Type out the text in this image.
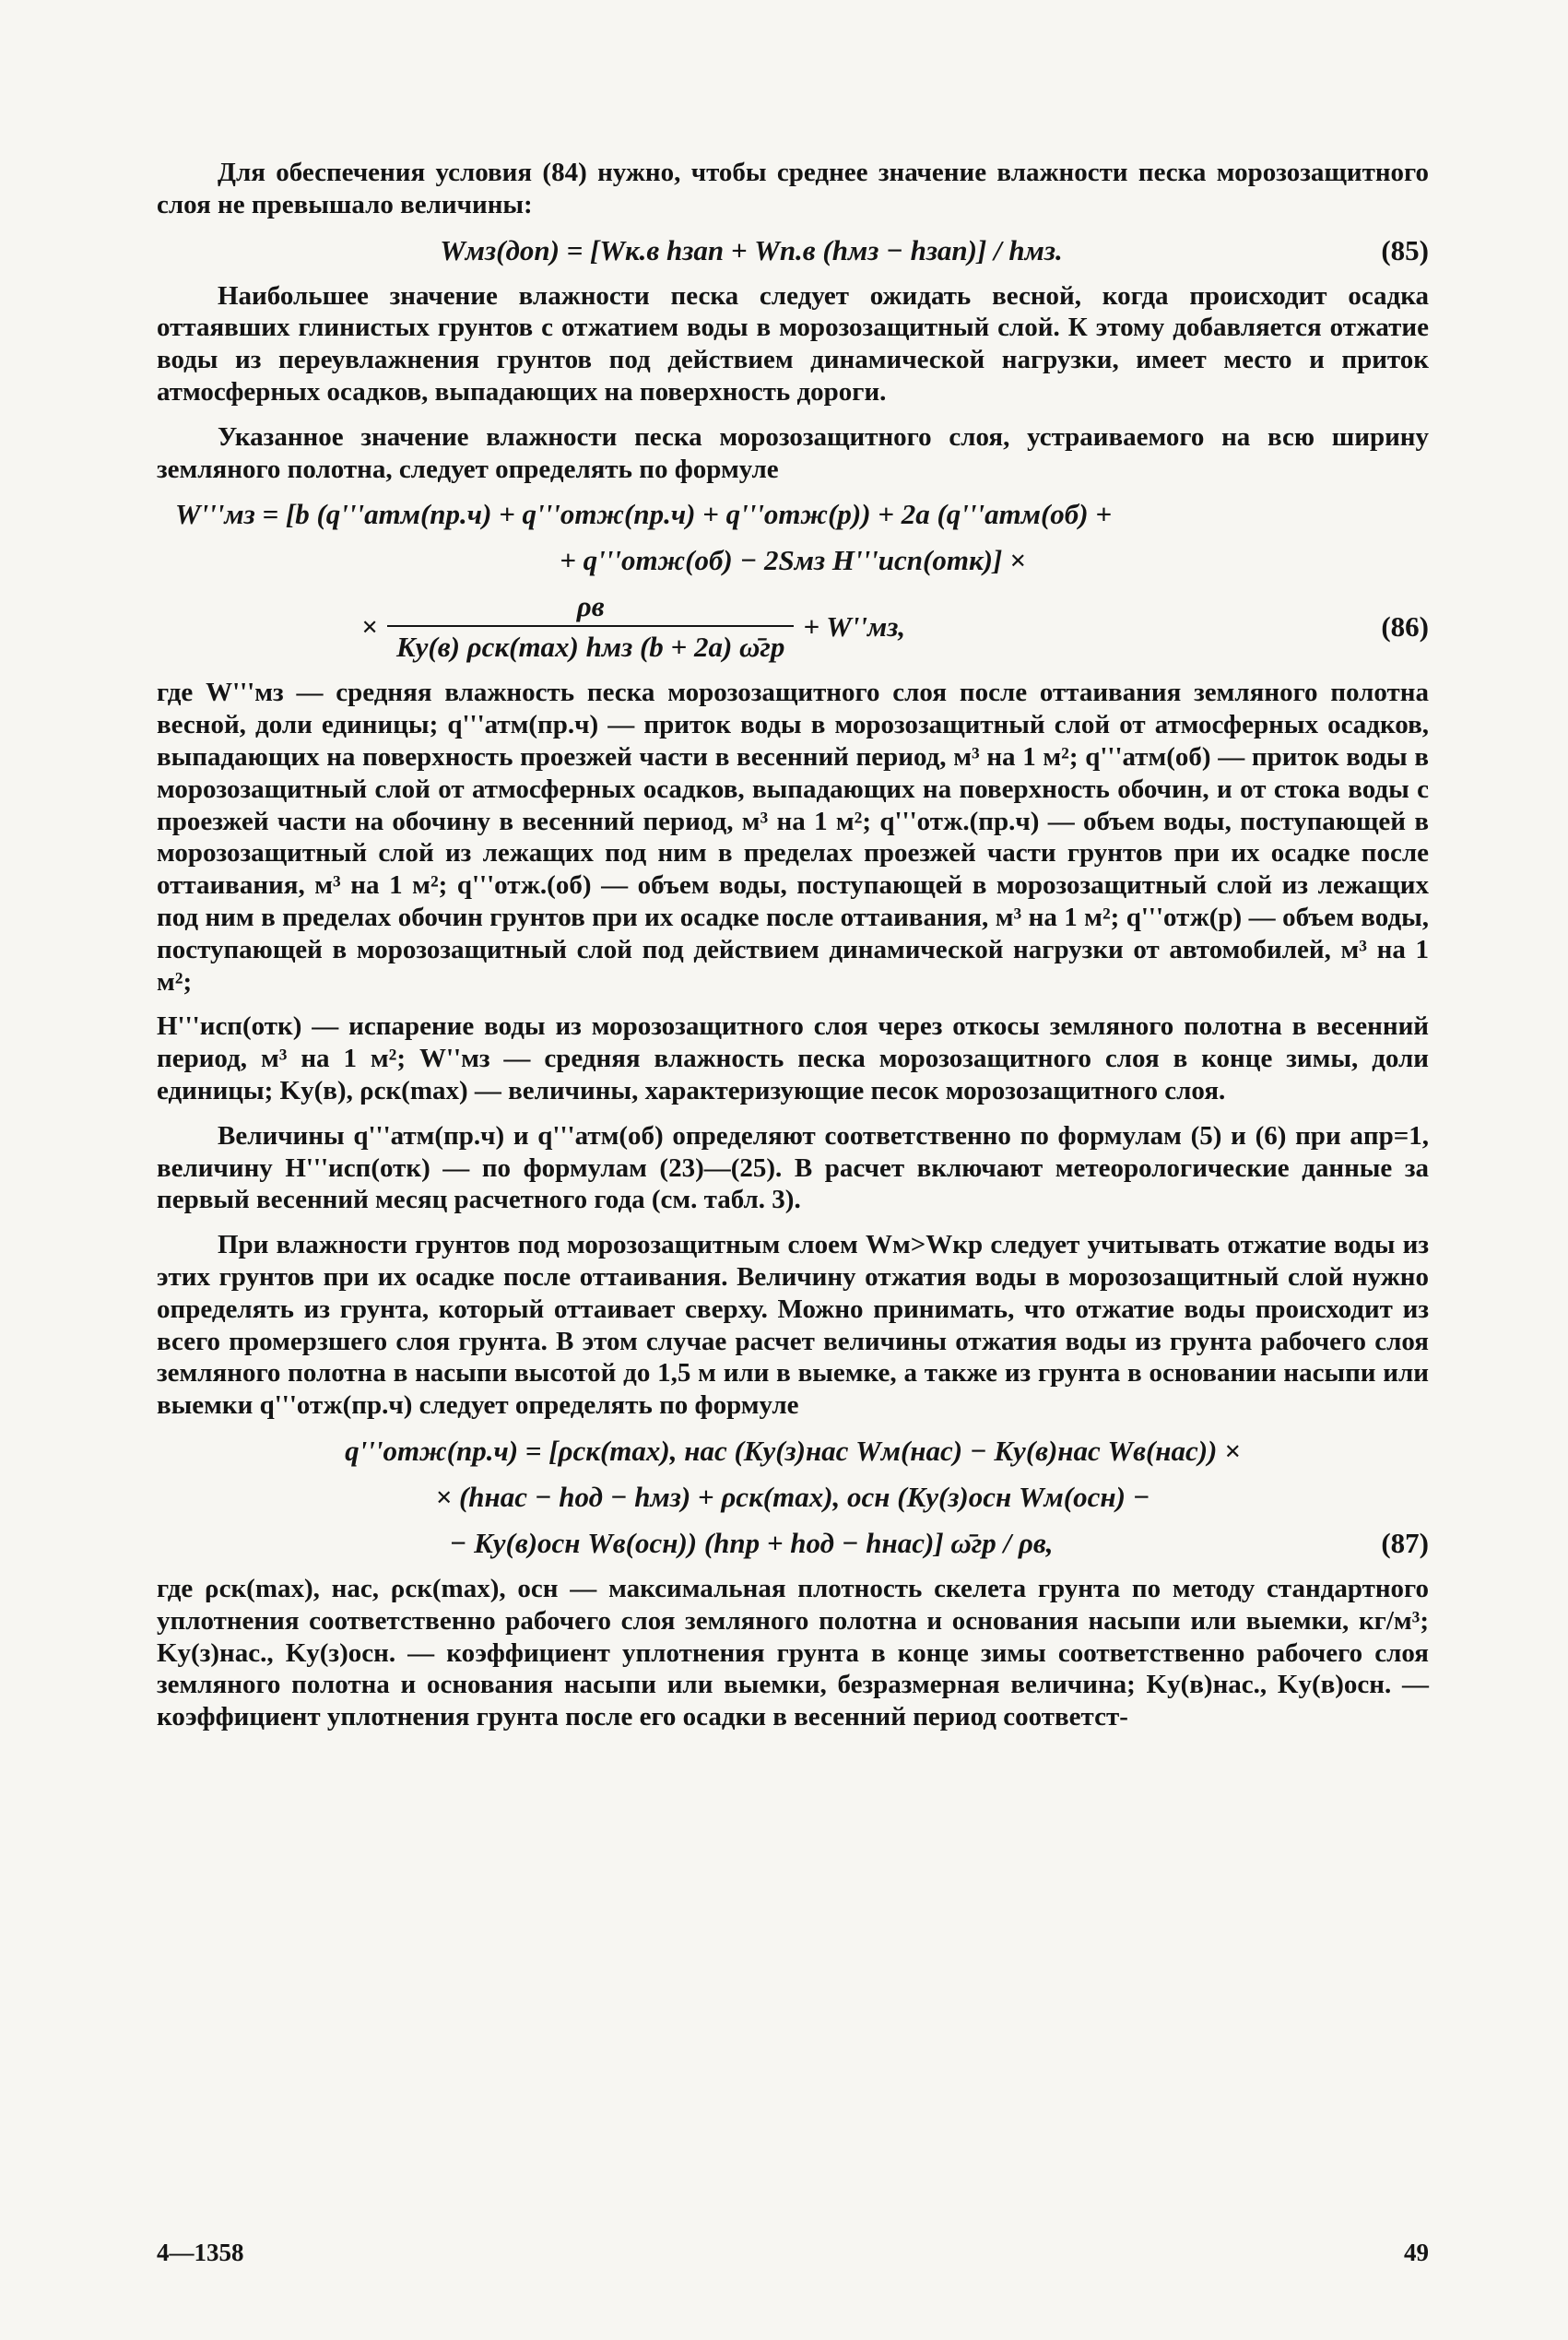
Для обеспечения условия (84) нужно, чтобы среднее значение влажности песка морозозащитного слоя не превышало величины:

Wмз(доп) = [Wк.в hзап + Wп.в (hмз − hзап)] / hмз.	(85)

Наибольшее значение влажности песка следует ожидать весной, когда происходит осадка оттаявших глинистых грунтов с отжатием воды в морозозащитный слой. К этому добавляется отжатие воды из переувлажнения грунтов под действием динамической нагрузки, имеет место и приток атмосферных осадков, выпадающих на поверхность дороги.

Указанное значение влажности песка морозозащитного слоя, устраиваемого на всю ширину земляного полотна, следует определять по формуле

W'''мз = [b (q'''атм(пр.ч) + q'''отж(пр.ч) + q'''отж(р)) + 2a (q'''атм(об) +
+ q'''отж(об) − 2Sмз H'''исп(отк)] ×
× $\frac{\rho в}{\text{Kу(в) ρск(max) hмз (b + 2a) ω̄гр}} + W''мз$,	(86)

где W'''мз — средняя влажность песка морозозащитного слоя после оттаивания земляного полотна весной, доли единицы; q'''атм(пр.ч) — приток воды в морозозащитный слой от атмосферных осадков, выпадающих на поверхность проезжей части в весенний период, м³ на 1 м²; q'''атм(об) — приток воды в морозозащитный слой от атмосферных осадков, выпадающих на поверхность обочин, и от стока воды с проезжей части на обочину в весенний период, м³ на 1 м²; q'''отж.(пр.ч) — объем воды, поступающей в морозозащитный слой из лежащих под ним в пределах проезжей части грунтов при их осадке после оттаивания, м³ на 1 м²; q'''отж.(об) — объем воды, поступающей в морозозащитный слой из лежащих под ним в пределах обочин грунтов при их осадке после оттаивания, м³ на 1 м²; q'''отж(р) — объем воды, поступающей в морозозащитный слой под действием динамической нагрузки от автомобилей, м³ на 1 м²;

H'''исп(отк) — испарение воды из морозозащитного слоя через откосы земляного полотна в весенний период, м³ на 1 м²; W''мз — средняя влажность песка морозозащитного слоя в конце зимы, доли единицы; Kу(в), ρск(max) — величины, характеризующие песок морозозащитного слоя.

Величины q'''атм(пр.ч) и q'''атм(об) определяют соответственно по формулам (5) и (6) при aпр=1, величину H'''исп(отк) — по формулам (23)—(25). В расчет включают метеорологические данные за первый весенний месяц расчетного года (см. табл. 3).

При влажности грунтов под морозозащитным слоем Wм>Wкр следует учитывать отжатие воды из этих грунтов при их осадке после оттаивания. Величину отжатия воды в морозозащитный слой нужно определять из грунта, который оттаивает сверху. Можно принимать, что отжатие воды происходит из всего промерзшего слоя грунта. В этом случае расчет величины отжатия воды из грунта рабочего слоя земляного полотна в насыпи высотой до 1,5 м или в выемке, а также из грунта в основании насыпи или выемки q'''отж(пр.ч) следует определять по формуле

q'''отж(пр.ч) = [ρск(max), нас (Kу(з)нас Wм(нас) − Kу(в)нас Wв(нас)) ×
× (hнас − hод − hмз) + ρск(max), осн (Kу(з)осн Wм(осн) −
− Kу(в)осн Wв(осн)) (hпр + hод − hнас)] ω̄гр / ρв,	(87)

где ρск(max), нас, ρск(max), осн — максимальная плотность скелета грунта по методу стандартного уплотнения соответственно рабочего слоя земляного полотна и основания насыпи или выемки, кг/м³; Kу(з)нас., Kу(з)осн. — коэффициент уплотнения грунта в конце зимы соответственно рабочего слоя земляного полотна и основания насыпи или выемки, безразмерная величина; Kу(в)нас., Kу(в)осн. — коэффициент уплотнения грунта после его осадки в весенний период соответст-

4—1358	49
